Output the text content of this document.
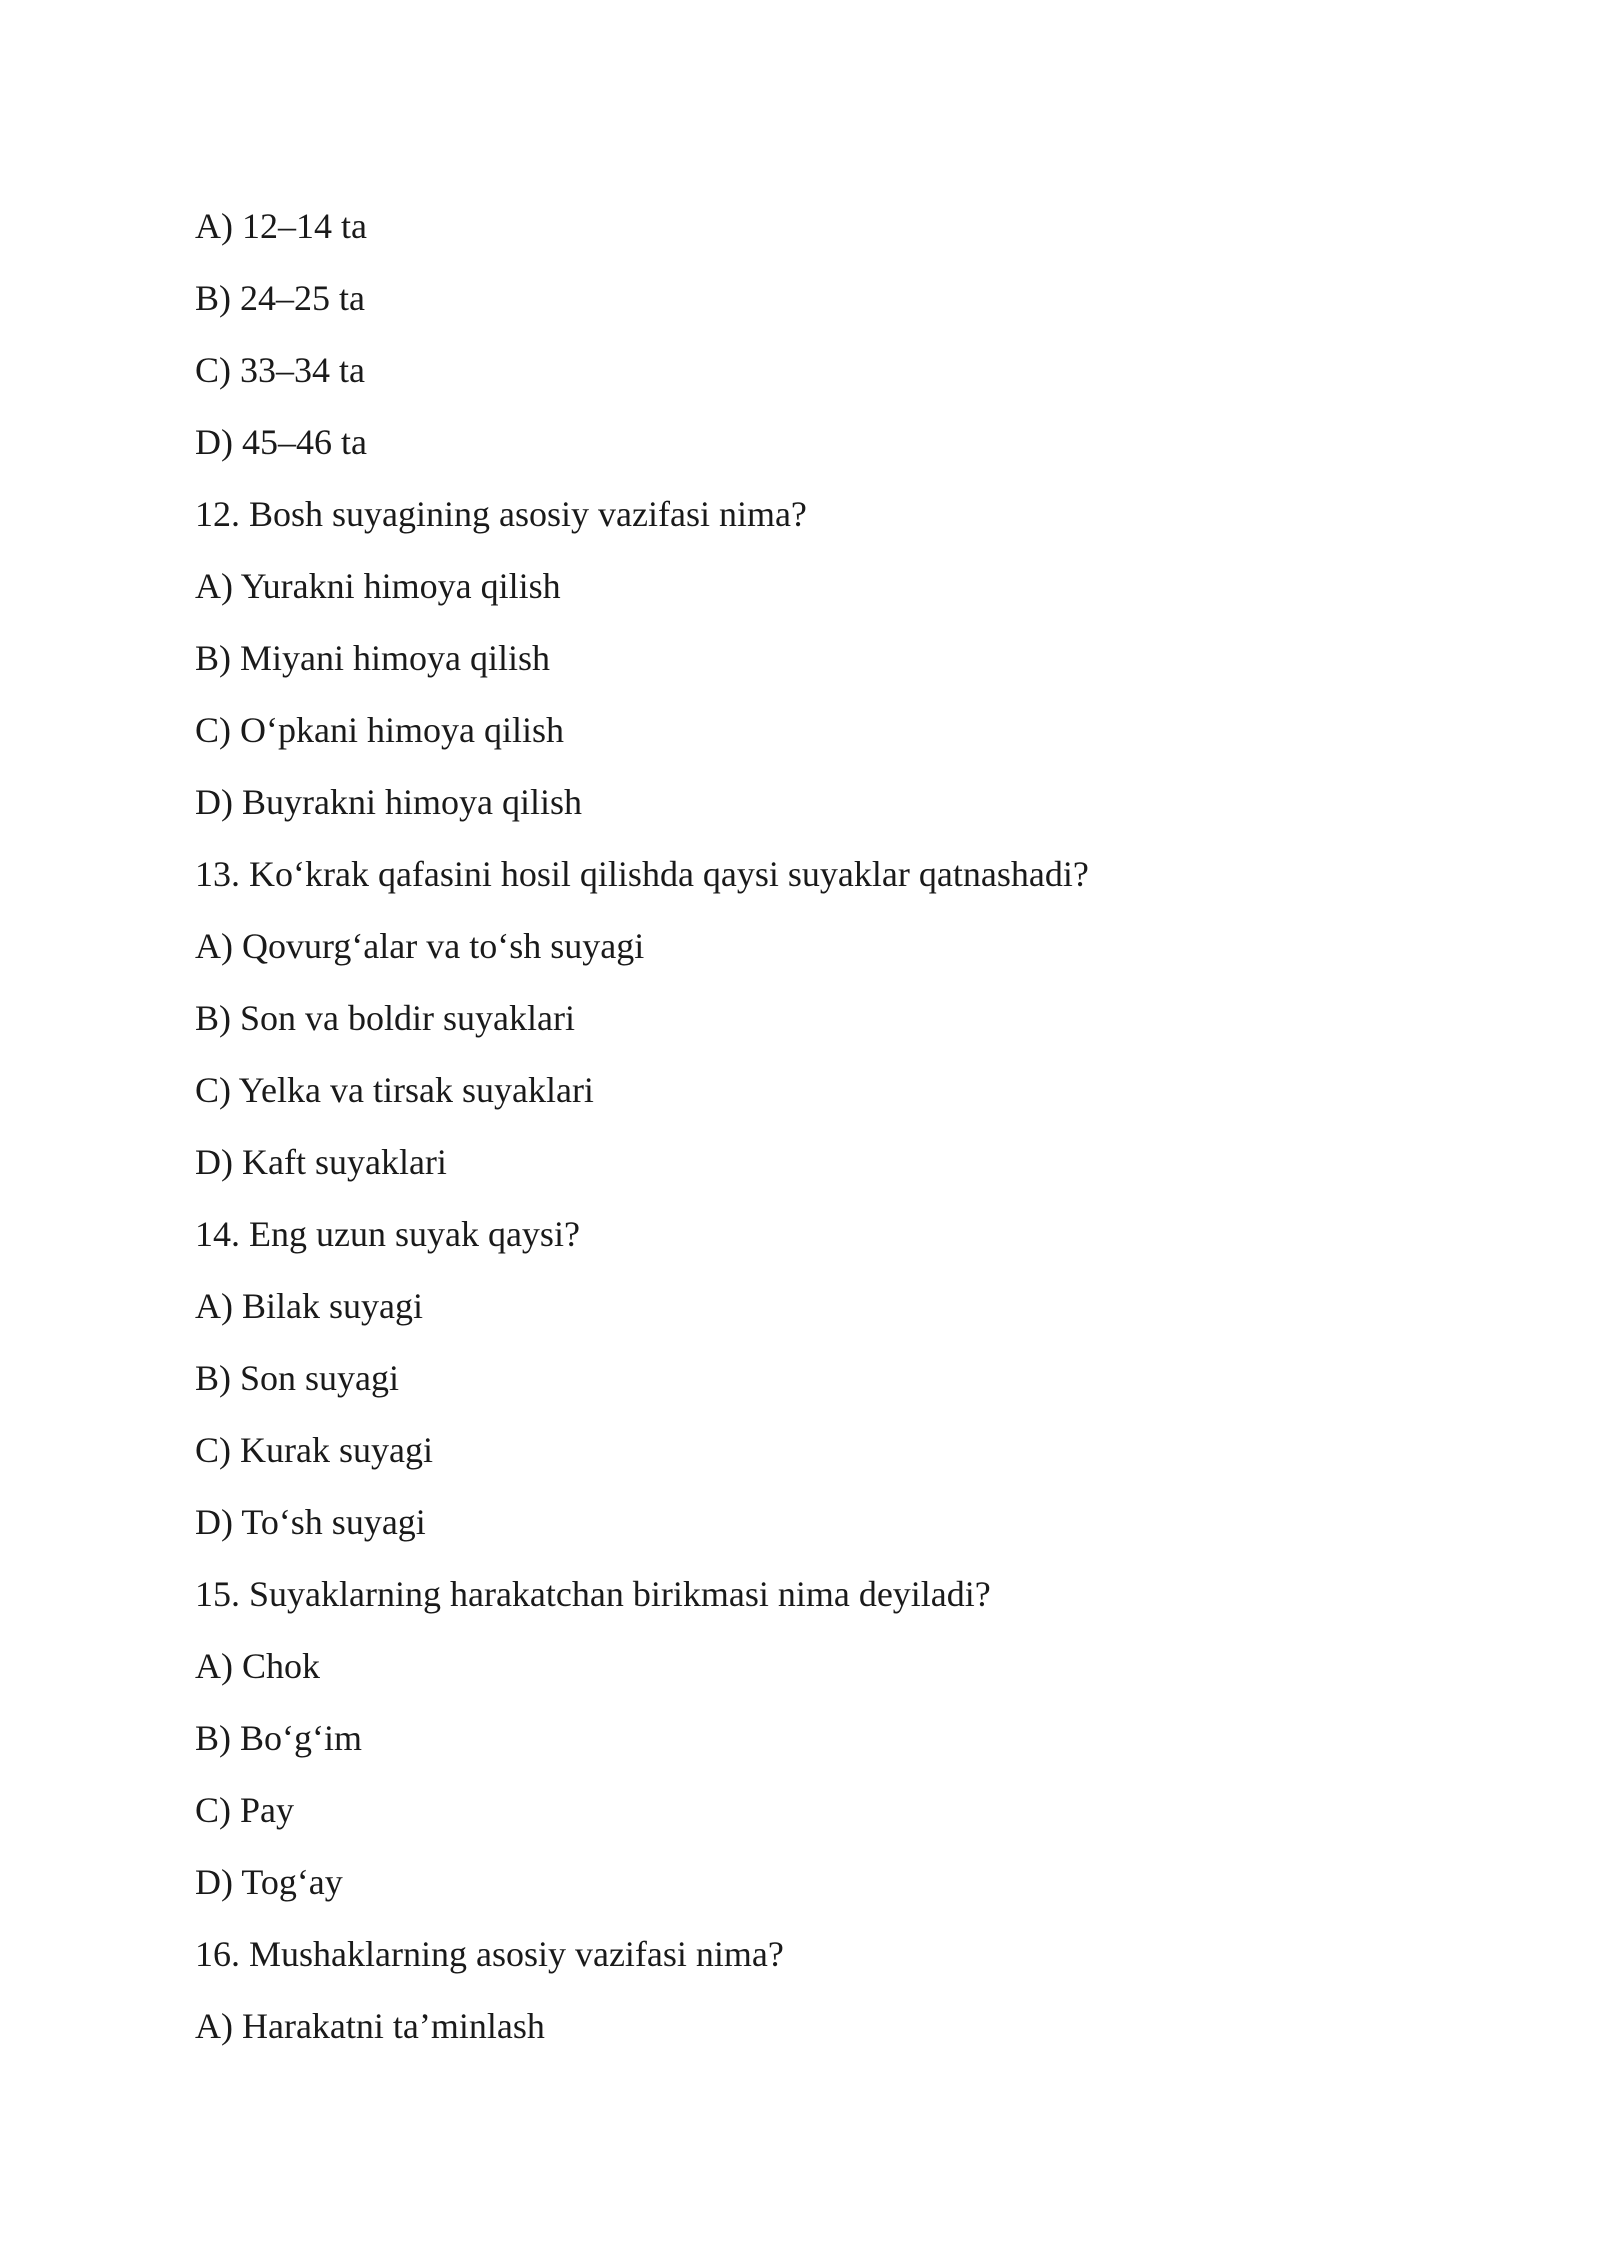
A) 12–14 ta
B) 24–25 ta
C) 33–34 ta
D) 45–46 ta
12. Bosh suyagining asosiy vazifasi nima?
A) Yurakni himoya qilish
B) Miyani himoya qilish
C) O‘pkani himoya qilish
D) Buyrakni himoya qilish
13. Ko‘krak qafasini hosil qilishda qaysi suyaklar qatnashadi?
A) Qovurg‘alar va to‘sh suyagi
B) Son va boldir suyaklari
C) Yelka va tirsak suyaklari
D) Kaft suyaklari
14. Eng uzun suyak qaysi?
A) Bilak suyagi
B) Son suyagi
C) Kurak suyagi
D) To‘sh suyagi
15. Suyaklarning harakatchan birikmasi nima deyiladi?
A) Chok
B) Bo‘g‘im
C) Pay
D) Tog‘ay
16. Mushaklarning asosiy vazifasi nima?
A) Harakatni ta’minlash
